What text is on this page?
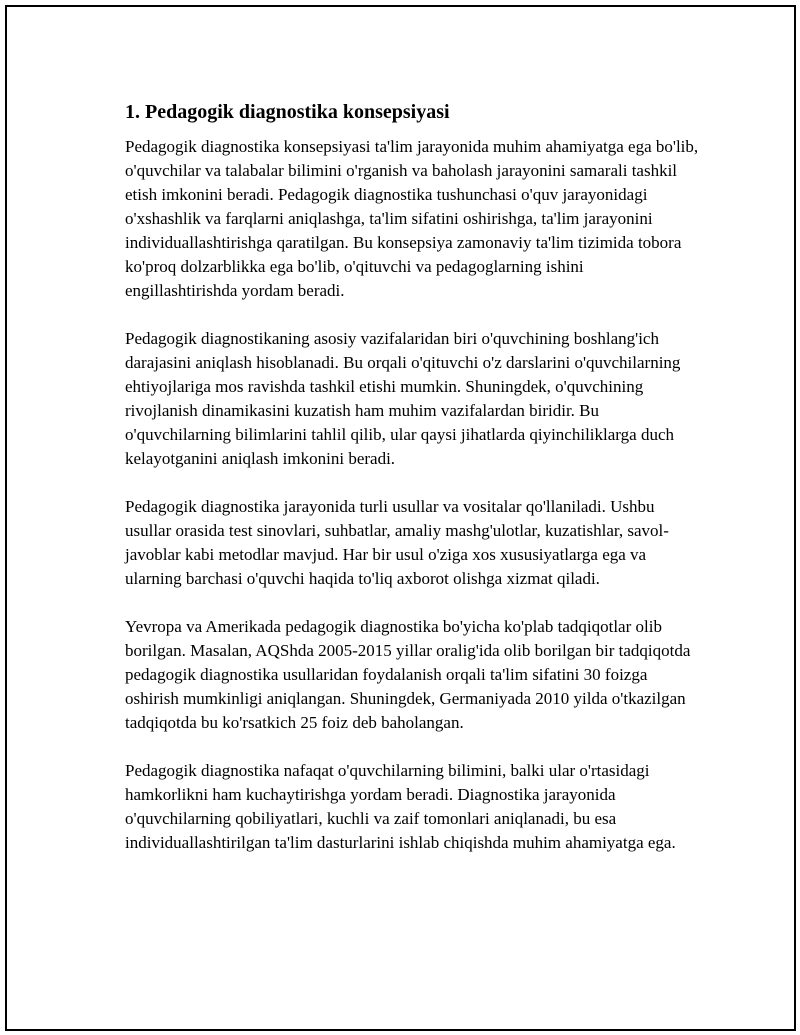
1. Pedagogik diagnostika konsepsiyasi

Pedagogik diagnostika konsepsiyasi ta'lim jarayonida muhim ahamiyatga ega bo'lib, o'quvchilar va talabalar bilimini o'rganish va baholash jarayonini samarali tashkil etish imkonini beradi. Pedagogik diagnostika tushunchasi o'quv jarayonidagi o'xshashlik va farqlarni aniqlashga, ta'lim sifatini oshirishga, ta'lim jarayonini individuallashtirishga qaratilgan. Bu konsepsiya zamonaviy ta'lim tizimida tobora ko'proq dolzarblikka ega bo'lib, o'qituvchi va pedagoglarning ishini engillashtirishda yordam beradi.

Pedagogik diagnostikaning asosiy vazifalaridan biri o'quvchining boshlang'ich darajasini aniqlash hisoblanadi. Bu orqali o'qituvchi o'z darslarini o'quvchilarning ehtiyojlariga mos ravishda tashkil etishi mumkin. Shuningdek, o'quvchining rivojlanish dinamikasini kuzatish ham muhim vazifalardan biridir. Bu o'quvchilarning bilimlarini tahlil qilib, ular qaysi jihatlarda qiyinchiliklarga duch kelayotganini aniqlash imkonini beradi.

Pedagogik diagnostika jarayonida turli usullar va vositalar qo'llaniladi. Ushbu usullar orasida test sinovlari, suhbatlar, amaliy mashg'ulotlar, kuzatishlar, savol-javoblar kabi metodlar mavjud. Har bir usul o'ziga xos xususiyatlarga ega va ularning barchasi o'quvchi haqida to'liq axborot olishga xizmat qiladi.

Yevropa va Amerikada pedagogik diagnostika bo'yicha ko'plab tadqiqotlar olib borilgan. Masalan, AQShda 2005-2015 yillar oralig'ida olib borilgan bir tadqiqotda pedagogik diagnostika usullaridan foydalanish orqali ta'lim sifatini 30 foizga oshirish mumkinligi aniqlangan. Shuningdek, Germaniyada 2010 yilda o'tkazilgan tadqiqotda bu ko'rsatkich 25 foiz deb baholangan.

Pedagogik diagnostika nafaqat o'quvchilarning bilimini, balki ular o'rtasidagi hamkorlikni ham kuchaytirishga yordam beradi. Diagnostika jarayonida o'quvchilarning qobiliyatlari, kuchli va zaif tomonlari aniqlanadi, bu esa individuallashtirilgan ta'lim dasturlarini ishlab chiqishda muhim ahamiyatga ega.
